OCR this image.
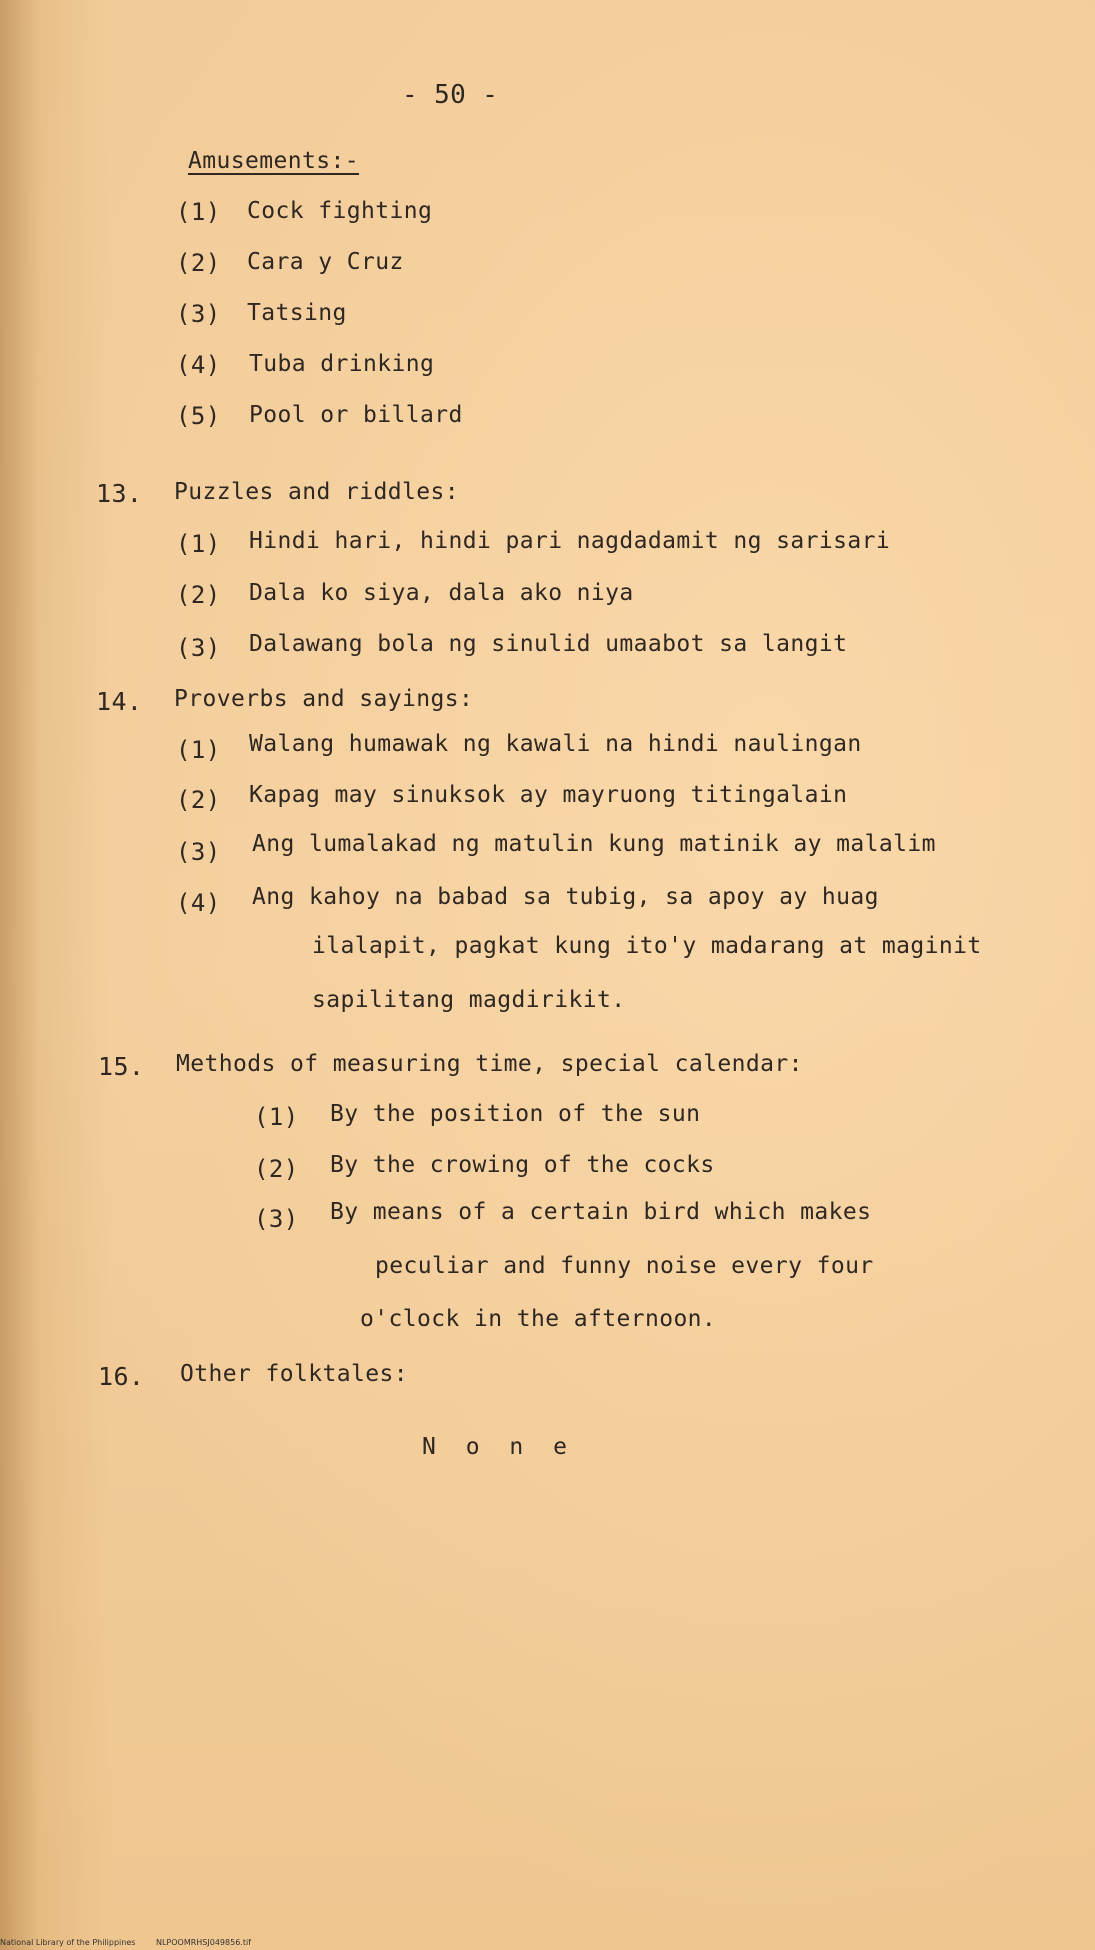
- 50 -
Amusements:-
(1) Cock fighting
(2) Cara y Cruz
(3) Tatsing
(4) Tuba drinking
(5) Pool or billard
13. Puzzles and riddles:
(1) Hindi hari, hindi pari nagdadamit ng sarisari
(2) Dala ko siya, dala ako niya
(3) Dalawang bola ng sinulid umaabot sa langit
14. Proverbs and sayings:
(1) Walang humawak ng kawali na hindi naulingan
(2) Kapag may sinuksok ay mayruong titingalain
(3) Ang lumalakad ng matulin kung matinik ay malalim
(4) Ang kahoy na babad sa tubig, sa apoy ay huag
ilalapit, pagkat kung ito'y madarang at maginit
sapilitang magdirikit.
15. Methods of measuring time, special calendar:
(1) By the position of the sun
(2) By the crowing of the cocks
(3) By means of a certain bird which makes
peculiar and funny noise every four
o'clock in the afternoon.
16. Other folktales:
N o n e
National Library of the Philippines	NLPOOMRHSJ049856.tif
